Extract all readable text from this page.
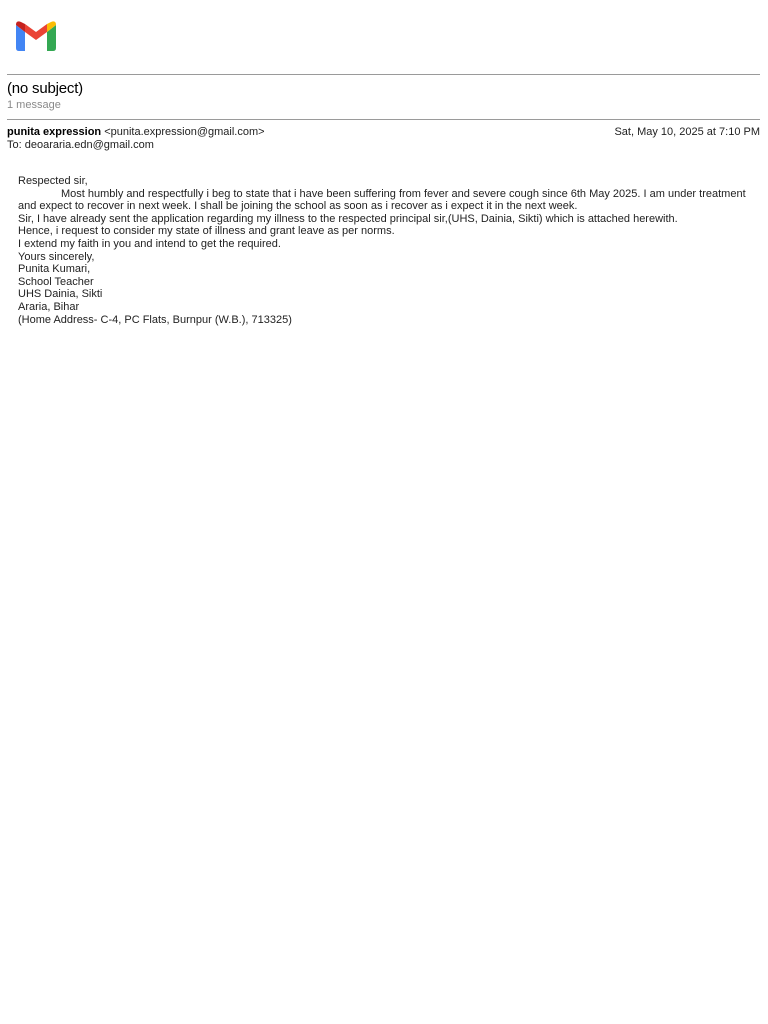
(no subject)
1 message
punita expression <punita.expression@gmail.com>
To: deoararia.edn@gmail.com
Sat, May 10, 2025 at 7:10 PM

Respected sir,

Most humbly and respectfully i beg to state that i have been suffering from fever and severe cough since 6th May 2025. I am under treatment and expect to recover in next week. I shall be joining the school as soon as i recover as i expect it in the next week.

Sir, I have already sent the application regarding my illness to the respected principal sir,(UHS, Dainia, Sikti) which is attached herewith.

Hence, i request to consider my state of illness and grant leave as per norms.

I extend my faith in you and intend to get the required.

Yours sincerely,

Punita Kumari,

School Teacher

UHS Dainia, Sikti

Araria, Bihar

(Home Address- C-4, PC Flats, Burnpur (W.B.), 713325)
